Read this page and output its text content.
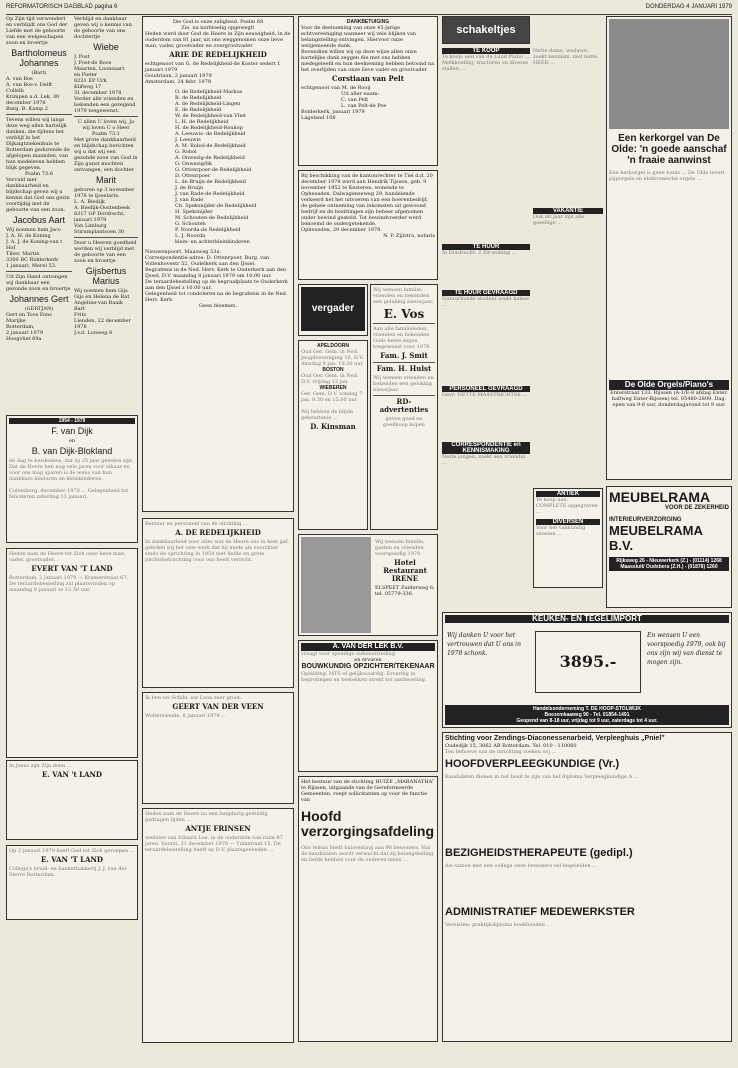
REFORMATORISCH DAGBLAD pagina 6	DONDERDAG 4 JANUARI 1979
Op Zijn tijd verwondert en verblijdt ons God der Liefde met de geboorte van een welgeschapen zoon en broertje
Bartholomeus Johannes
(Bart)
A. van Bos
A. van Bos-v. Delft
Collelb
Krimpen a.d. Lek, 30 december 1978
Burg. B. Kamp 2
Tevens willen wij langs deze weg allen hartelijk danken, die tijdens het verblijf in het Dijkzigtziekenhuis te Rotterdam gedurende de afgelopen maanden, van hun medeleven hebben blijk gegeven.
Psalm 73:8
Vervuld met dankbaarheid en blijdschap geven wij u kennis dat God ons gezin voortijdig met de geboorte van een zoon.
Jacobus Aart
Wij noemen hem Jaco
J. A. H. de Koning
J. A. J. de Koning-van t Hof
Tiber, Martin
3300 BC Ridderkerk
1 januari, Merel 53.
Uit Zijn Hand ontvingen wij dankbaar een gezonde zoon en broertje
Johannes Gert
(GERTJAN)
Gert en Toos Fons
Marijke
Rotterdam,
2 januari 1979
Hoogvliet 69a
Verblijd en dankbaar geven wij u kennis van de geboorte van ons dochtertje
Wiebe
J. Post
J. Post-de Roos
Maarten, Loonsaart
en Pieter
8231 EP Urk
Klifweg 17
31 december 1978
Verder alle vrienden en bekenden een gezegend 1979 toegewenst.
U allen U loven wij, Ja wij loven U o Heer
Psalm 73:1
Met grote dankbaarheid en blijdschap berichten wij u dat wij een gezonde zoon van God in Zijn gunst mochten ontvangen, een dochter
Marit
geboren op 3 november 1978 te Ijsselarts.
L. A. Biedijk
A. Biedijk-Oostenbeek
8317 GP Dordrecht, januari 1979
Van Limburg Stirumplantsoen 30
Door u Heeren goedheid werden wij verblijd met de geboorte van een zoon en broertje
Gijsbertus Marius
Wij noemen hem Gijs
Gijs en Helena de Rat
Angeline-van Baaik
Bart
Frits
Lienden, 22 december 1978
J.v.d. Lonweg 8
1954 - 1979
F. van Dijk
en
B. van Dijk-Blokland
de dag te herdenken, dat zij 25 jaar geleden zijn. Dat de Heere hen nog vele jaren voor elkaar en voor ons mag sparen is de wens van hun dankbare kinderen en kleinkinderen.
Culemborg, december 1978 ... Gelegenheid tot feliciteren zaterdag 13 januari.
Heden nam de Heere tot Zich onze lieve man, vader, grootvader...
EVERT VAN 'T LAND
Rotterdam, 2 januari 1979 — Kramerstraat 67. De teraardebestelling zal plaatsvinden op maandag 8 januari te 13.30 uur.
In Jezus zijn Zijn doen ...
E. VAN 't LAND
Op 2 januari 1979 heeft God tot Zich geroepen ...
E. VAN 'T LAND
Collega's bruid- en bankethakkerij J. J. van der Sterre Rotterdam.
Die God is onze zaligheid. Psalm 68
Zie, na korhteelig opgewegt!
Heden werd door God de Heere in Zijn eeuwigheid, in de ouderdom van 81 jaar, uit ons weggenomen onze lieve man, vader, grootvader en overgrootvader
ARIE DE REDELIJKHEID
echtgenoot van G. de Redelijkheid-de Koster sedert 1 januari 1979
Goudriaan, 2 januari 1979
Amsterdam, 24 febr. 1978
O. de Redelijkheid-Markus
R. de Redelijkheid
A. de Redelijkheid-Lingen
E. de Redelijkheid
W. de Redelijkheid-van Vliet
L. H. de Redelijkheid
H. de Redelijkheid-Roukop
A. Leeuwis- de Redelijkheid
J. Leeuwis
A. M. Robol-de Redelijkheid
G. Robol
A. Onwezig-de Redelijkheid
G. Onwezig/lik
G. Ottenrpoer-de Redelijkheid
D. Ottenrpoer
L. de Bruijn-de Redelijkheid
J. de Bruijn
J. van Rade-de Redelijkheid
J. van Bade
Ch. Speksnijder-de Redelijkheid
H. Speksnijder
M. Schouten-de Redelijkheid
G. Schouten
P. Noorda-de Redelijkheid
L. J. Noorda
klein- en achterkleinkinderen
Nieuwenpoort, Maasweg 53a.
Correspondentie-adres: D. Ottenrpoer, Burg. van Vollenhovestr 52, Oudelkerk aan den IJssel.
Begrafenis in de Ned. Herv. Kerk te Ouderkerk aan den IJssel, D.V. maandag 8 januari 1979 om 10.00 uur.
De teraardebestelling op de begraafplaats te Ouderkerk aan den IJssel z 10.00 uur.
Gelegenheid tot condoleren na de begrafenis in de Ned. Herv. Kerk
Geen bloemen.
Bestuur en personeel van de stichting ...
A. DE REDELIJKHEID
In dankbaarheid voor alles wat de Heere ons in hem gaf, geleden wij het vele werk dat hij mede als voorzitter sinds de oprichting in 1954 met liefde en grote plichtsbetrachting voor ons heeft verricht.
Ik ben uw Schild, uw Loon zeer groot.
GEERT VAN DER VEEN
Woltersweide, 8 januari 1979 ...
Heden nam de Heere na een langdurig geduldig gedragen lijden ...
ANTJE FRINSEN
weduwe van Eduard Loe, in de ouderdom van ruim 87 jaren. Voorst, 21 december 1978 — Tuinstraat 15. De teraardebestelling heeft op D.V. plaatsgevonden ...
DANKBETUIGING
Voor de deelneming van onze 45-jarige echtvereeniging wanneer wij vele blijken van belangstelling ontvingen. Hiervoor onze welgemeende dank.
Bovendien willen wij op deze wijze allen onze hartelijke dank zeggen die met ons hebben medegeleefd en hun deelneming hebben betoond na het overlijden van onze lieve vader en grootvader
Corstiaan van Pelt
echtgenoot van M. de Rooij
Uit aller naam:
C. van Pelt
L. van Pelt-de Poe
Bolderkerk, januari 1979
Lageland 108
Bij beschikking van de kantonrechter te Tiel d.d. 20 december 1978 werd aan Hendrik Tijssen, geb. 9 november 1952 te Kesteren, wonende te Opheusden, Dalwagenseweg 29, handelende verkeerd het het uitvoeren van een boerenbedrijf, de gehele ontneming van inkomsten uit gewoond bedrijf en de bezittingen zijn beheer afgenomen onder bewind gesteld. Tot bewindvoerder werd benoemd de ondergetekende.
Opheusden, 29 december 1978.
N. P. Zijlstra, notaris
vergader
APELDOORN
Oud Ger. Gem. in Ned. Jeugdvereniging 16, D.V. dinsdag 9 jan. 19.30 uur
BOSTON
Oud Ger. Gem. in Ned. D.V. vrijdag 12 jan.
WIEBEREN
Ger. Gem. D.V. zondag 7 jan. 9.30 en 15.00 uur
Wij hebben de blijde gebeurtenis ...
D. Kinsman
Wij wensen familie, vrienden en bekenden een gelukkig nieuwjaar.
E. Vos
Aan alle familieleden, vrienden en bekenden Gods beste zegen toegewenst voor 1979
Fam. J. Smit
Fam. H. Hulst
Wij wensen vrienden en bekenden een gelukkig nieuwjaar.
RD-advertenties
geven goed en goedkoop kopen
Wij wensen familie, gasten en vrienden voorspoedig 1979
Hotel Restaurant IRENE
ELSPEET Zuiderweg 6, tel. 05779-336.
A. VAN DER LEK B.V.
vraagt voor spoedige indiensttreding
en ervaren
BOUWKUNDIG OPZICHTER/TEKENAAR
Opleiding: MTS of gelijkwaardig. Ervaring in begrotingen en bestekken strekt tot aanbeveling.
Het bestuur van de stichting HUIZE „MARANATHA”
te Rijssen, uitgaande van de Gereformeerde Gemeenten, roept sollicitanten op voor de functie van
Hoofd verzorgingsafdeling
Ons tehuis biedt huisvesting aan 96 bewoners. Van de kandidaten wordt verwacht dat zij belangstelling en liefde hebben voor de ouderen mens ...
schakeltjes
TE KOOP
Te koop: een van de Lund Piano ... Melkkoeling, tractoren en diverse stallen ...
TE HUUR
In Dordrecht: 2 Zit-woning ...
TE HUUR GEVRAAGD
Natuurkunde student zoekt kamer ...
PERSONEEL GEVRAAGD
Gevr: NETTE MAASTRICHTSE ...
CORRESPONDENTIE en KENNISMAKING
Nette jongen, zoekt een vriendin ...
Nette dame, weduwe, zoekt kennism. met nette HEER ...
VAKANTIE
Ook dit jaar zijn alle gezellige ...
ANTIEK
Te koop aan: COMPLETE opgegraven ...
DIVERSEN
Voor het vakkundig snoeien ...
Een kerkorgel van De Olde: 'n goede aanschaf 'n fraaie aanwinst
Een kerkorgel is geen fonds ... De Olde levert pijporgels en elektronische orgels ...
De Olde Orgels/Piano's
Enterstraat 133, Rijssen (A-1/E-8 afslag Enter, halfweg Enter-Rijssen) tel. 05480-2809. Dag. open van 9-6 uur, donderdagavond tot 9 uur.
MEUBELRAMA
VOOR DE ZEKERHEID
INTERIEURVERZORGING
MEUBELRAMA B.V.
Rijksweg 26 - Nieuwerkerk (Z.) - (01114) 1268 Maassluit/ Oudsbera (Z.H.) - (01878) 1260
KEUKEN- EN TEGELIMPORT
Wij danken U voor het vertrouwen dat U ons in 1978 schonk.	3895.-
En wensen U een voorspoedig 1979, ook bij ons zijn wij van dienst te mogen zijn.
Handelsonderneming T. DE HOOP-STOLWIJK
Boezemkaaweg 90 - Tel. 01854-1491
Geopend van 8-18 uur, vrijdag tot 9 uur, zaterdags tot 4 uur.
Stichting voor Zendings-Diaconessenarbeid, Verpleeghuis „Pniel”
Oudedijk 15, 3062 AB Rotterdam. Tel. 010 - 110060
Ten behoeve van de inrichting zoeken wij ...
HOOFDVERPLEEGKUNDIGE (Vr.)
Kandidaten dienen in het bezit te zijn van het diploma Verpleegkundige A ...
BEZIGHEIDSTHERAPEUTE (gedipl.)
die samen met een collega onze bewoners wil begeleiden ...
ADMINISTRATIEF MEDEWERKSTER
Vereisten: praktijkdiploma boekhouden ...
